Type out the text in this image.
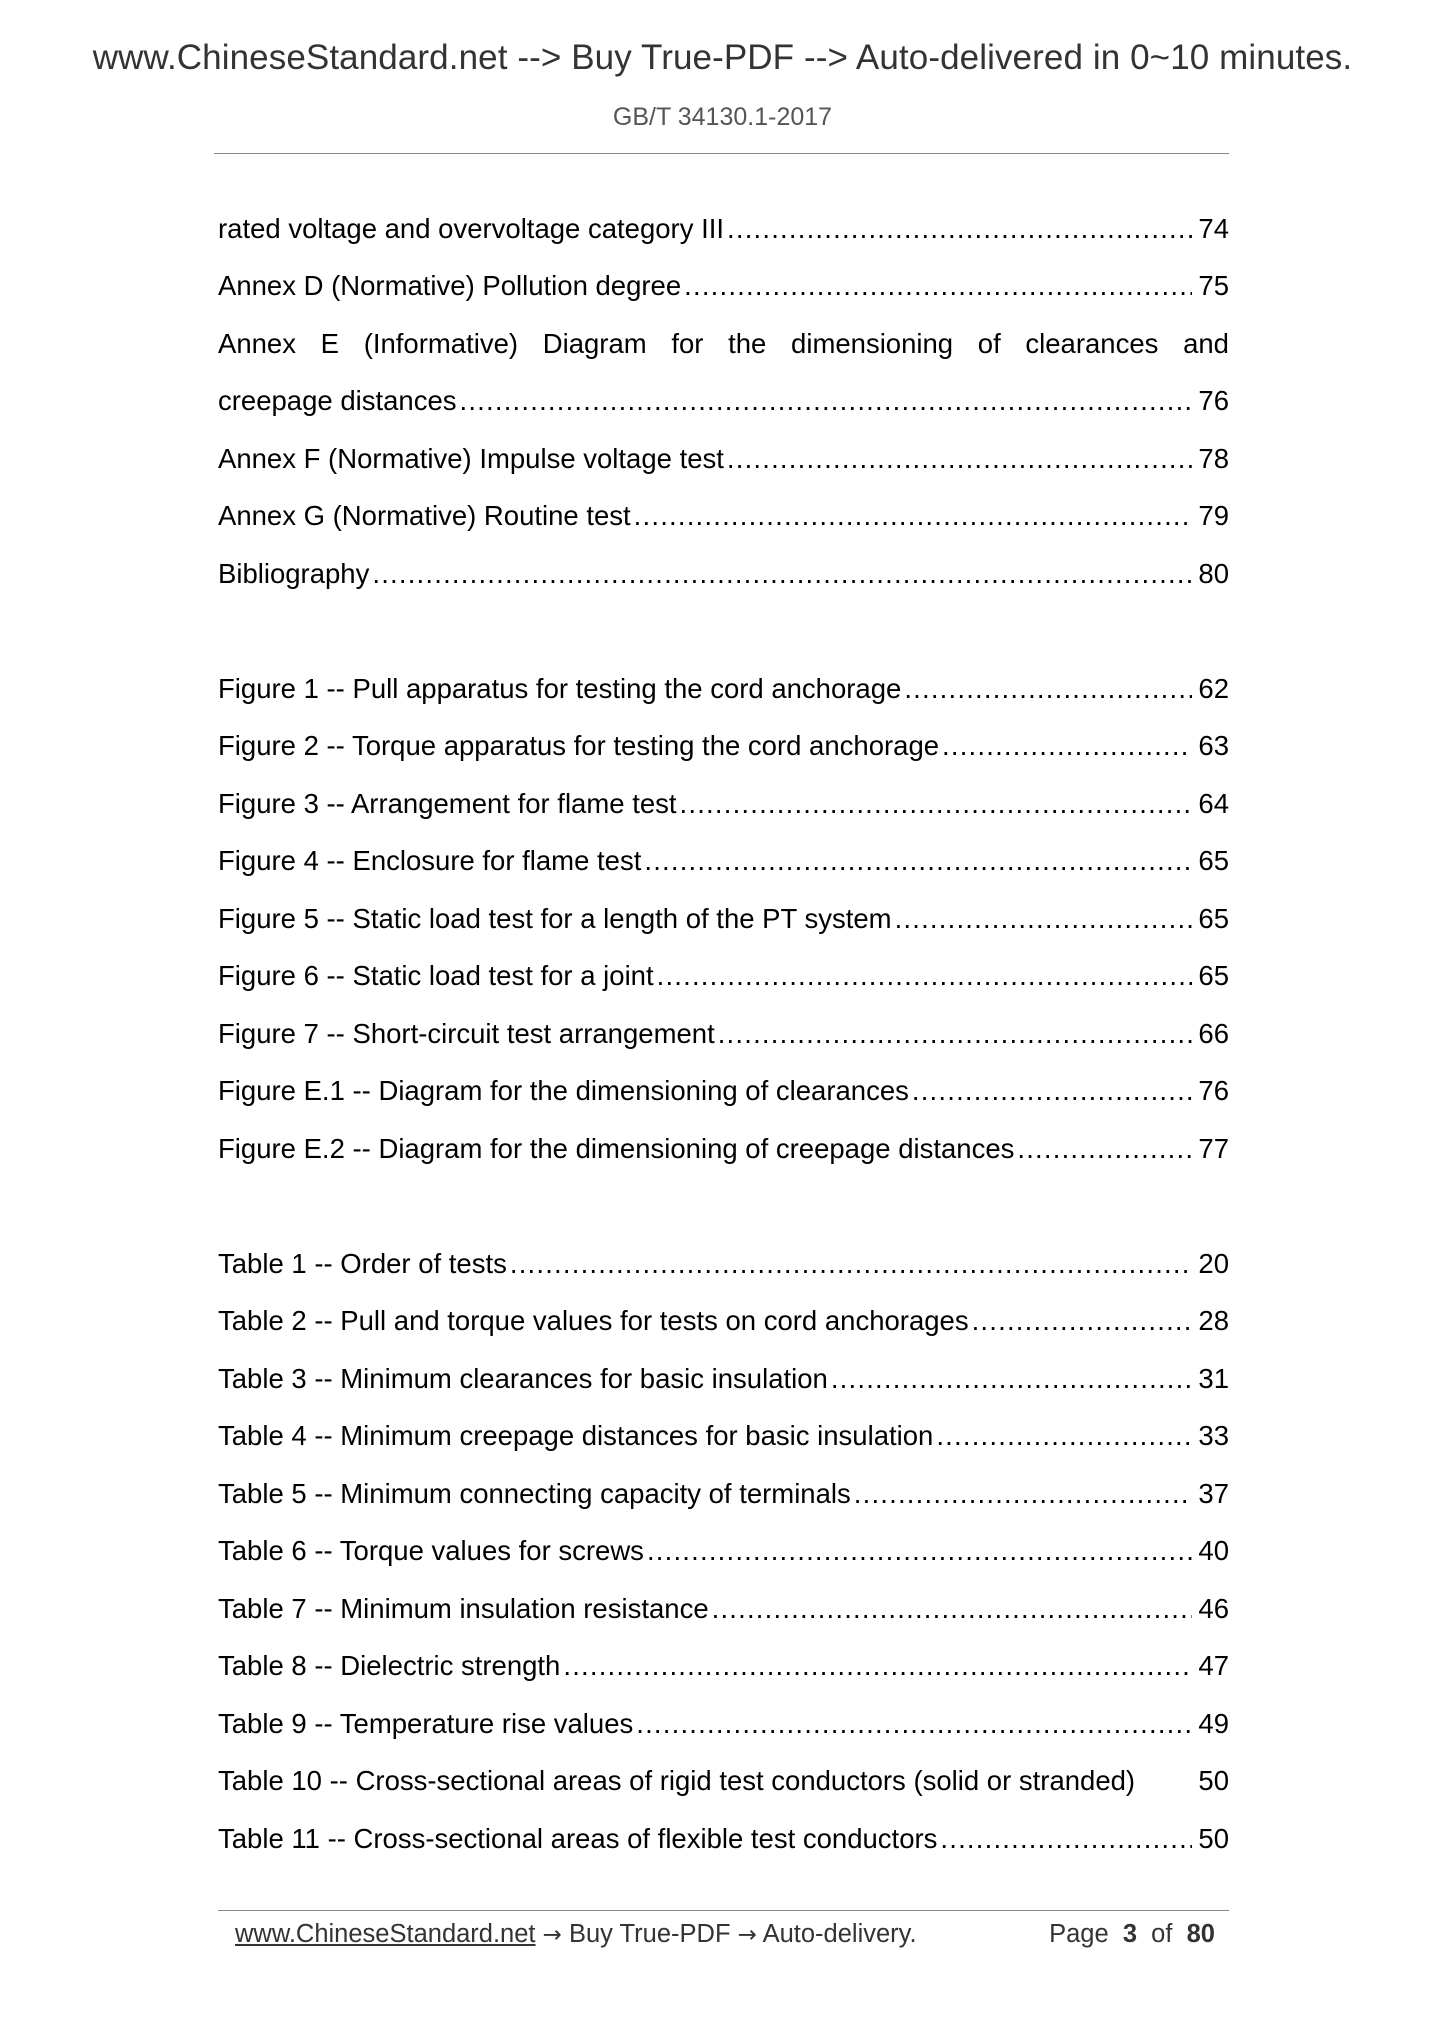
www.ChineseStandard.net --> Buy True-PDF --> Auto-delivered in 0~10 minutes.
GB/T 34130.1-2017
rated voltage and overvoltage category III .....	74
Annex D (Normative) Pollution degree .....	75
Annex E (Informative) Diagram for the dimensioning of clearances and
creepage distances .....	76
Annex F (Normative) Impulse voltage test .....	78
Annex G (Normative) Routine test .....	79
Bibliography .....	80
Figure 1 -- Pull apparatus for testing the cord anchorage .....	62
Figure 2 -- Torque apparatus for testing the cord anchorage .....	63
Figure 3 -- Arrangement for flame test .....	64
Figure 4 -- Enclosure for flame test .....	65
Figure 5 -- Static load test for a length of the PT system .....	65
Figure 6 -- Static load test for a joint .....	65
Figure 7 -- Short-circuit test arrangement .....	66
Figure E.1 -- Diagram for the dimensioning of clearances .....	76
Figure E.2 -- Diagram for the dimensioning of creepage distances .....	77
Table 1 -- Order of tests .....	20
Table 2 -- Pull and torque values for tests on cord anchorages .....	28
Table 3 -- Minimum clearances for basic insulation .....	31
Table 4 -- Minimum creepage distances for basic insulation .....	33
Table 5 -- Minimum connecting capacity of terminals .....	37
Table 6 -- Torque values for screws .....	40
Table 7 -- Minimum insulation resistance .....	46
Table 8 -- Dielectric strength .....	47
Table 9 -- Temperature rise values .....	49
Table 10 -- Cross-sectional areas of rigid test conductors (solid or stranded) 50
Table 11 -- Cross-sectional areas of flexible test conductors .....	50
www.ChineseStandard.net → Buy True-PDF → Auto-delivery.	Page 3 of 80
